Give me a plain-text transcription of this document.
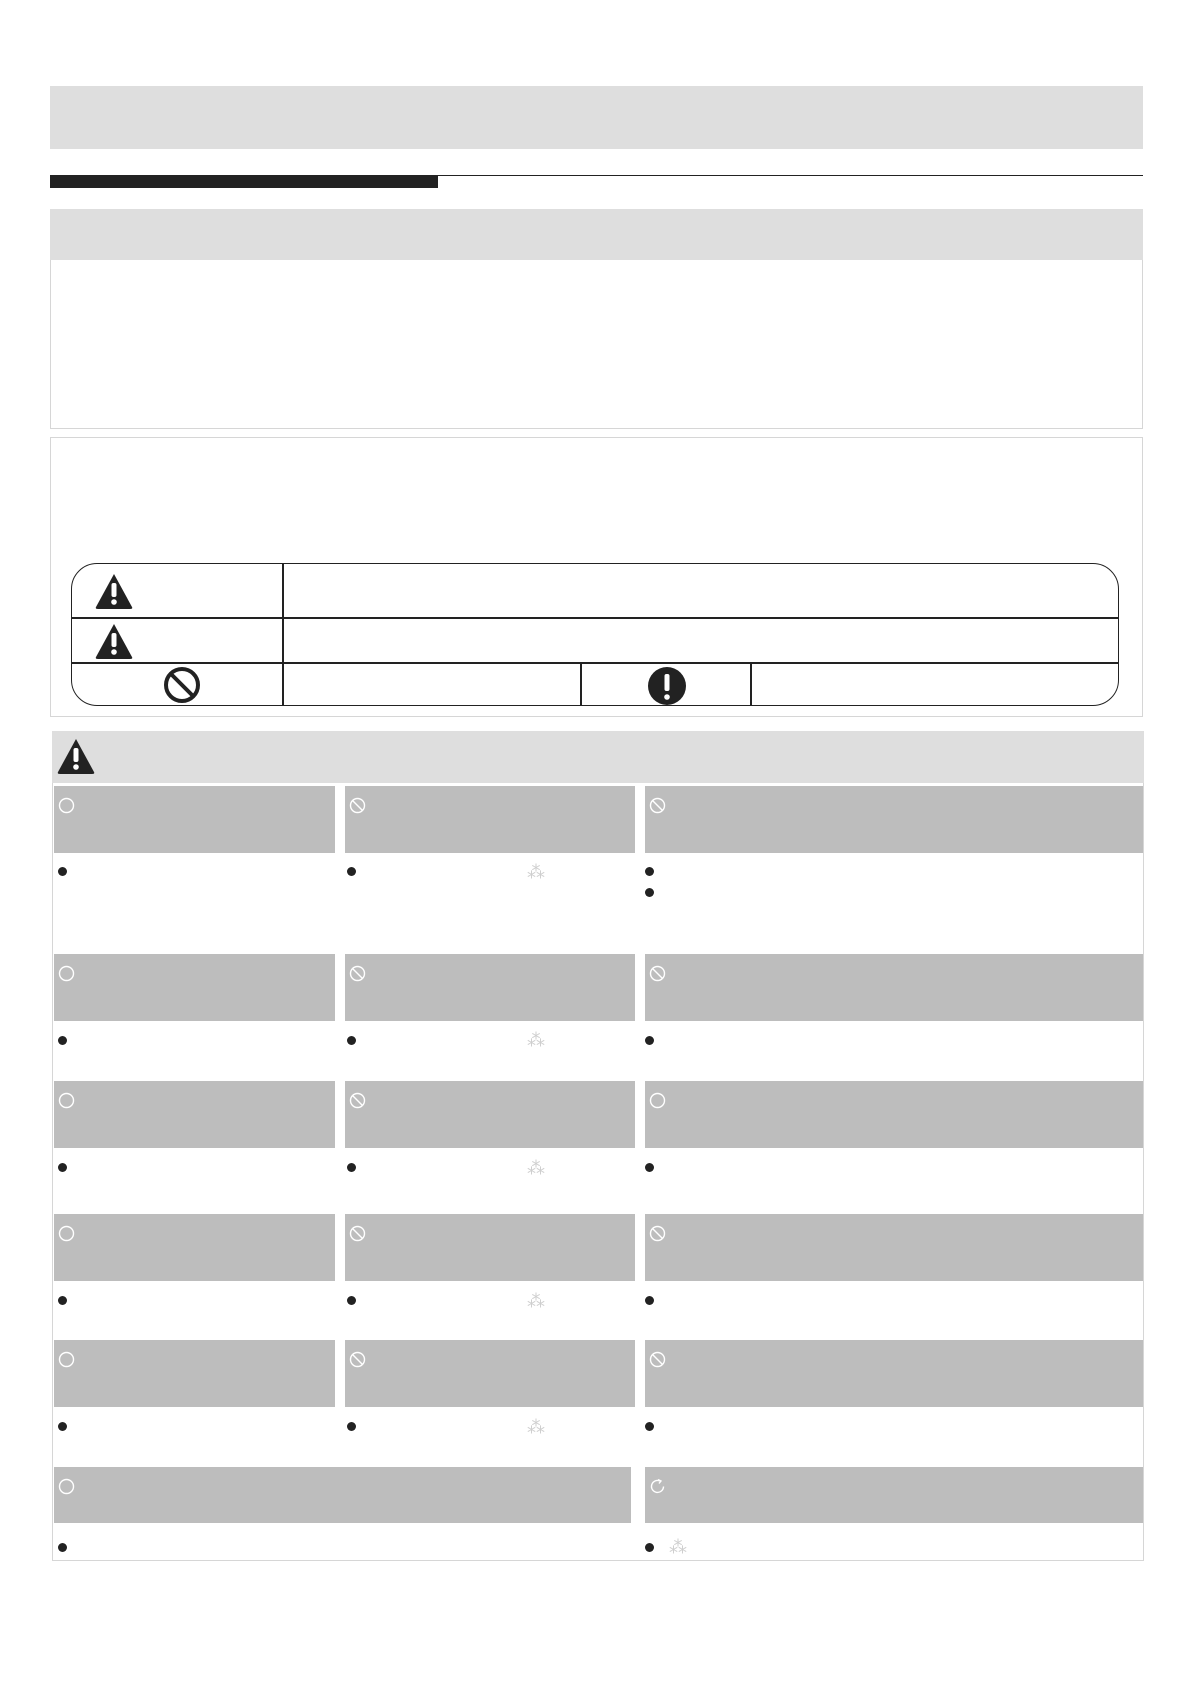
⁂
⁂
⁂
⁂
⁂
⁂
